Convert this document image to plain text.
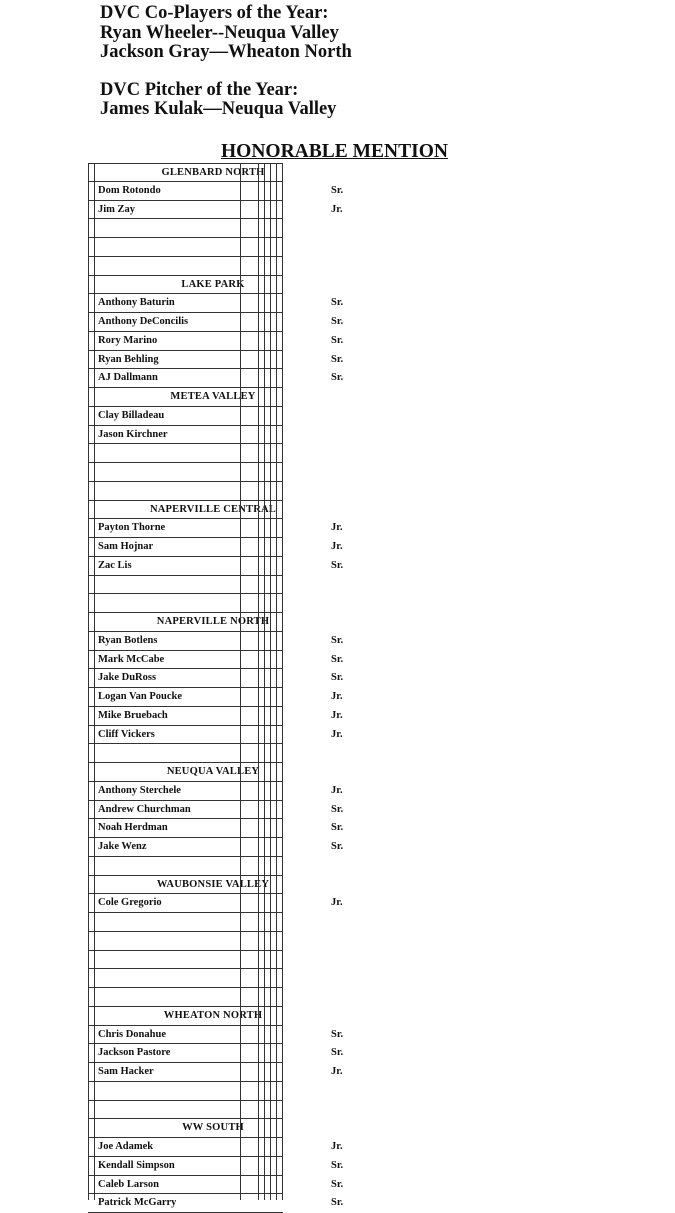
DVC Co-Players of the Year:
Ryan Wheeler--Neuqua Valley
Jackson Gray—Wheaton North
DVC Pitcher of the Year:
James Kulak—Neuqua Valley
HONORABLE MENTION
GLENBARD NORTH
Dom Rotondo	Sr.
Jim Zay	Jr.
LAKE PARK
Anthony Baturin	Sr.
Anthony DeConcilis	Sr.
Rory Marino	Sr.
Ryan Behling	Sr.
AJ Dallmann	Sr.
METEA VALLEY
Clay Billadeau
Jason Kirchner
NAPERVILLE CENTRAL
Payton Thorne	Jr.
Sam Hojnar	Jr.
Zac Lis	Sr.
NAPERVILLE NORTH
Ryan Botlens	Sr.
Mark McCabe	Sr.
Jake DuRoss	Sr.
Logan Van Poucke	Jr.
Mike Bruebach	Jr.
Cliff Vickers	Jr.
NEUQUA VALLEY
Anthony Sterchele	Jr.
Andrew Churchman	Sr.
Noah Herdman	Sr.
Jake Wenz	Sr.
WAUBONSIE VALLEY
Cole Gregorio	Jr.
WHEATON NORTH
Chris Donahue	Sr.
Jackson Pastore	Sr.
Sam Hacker	Jr.
WW SOUTH
Joe Adamek	Jr.
Kendall Simpson	Sr.
Caleb Larson	Sr.
Patrick McGarry	Sr.
